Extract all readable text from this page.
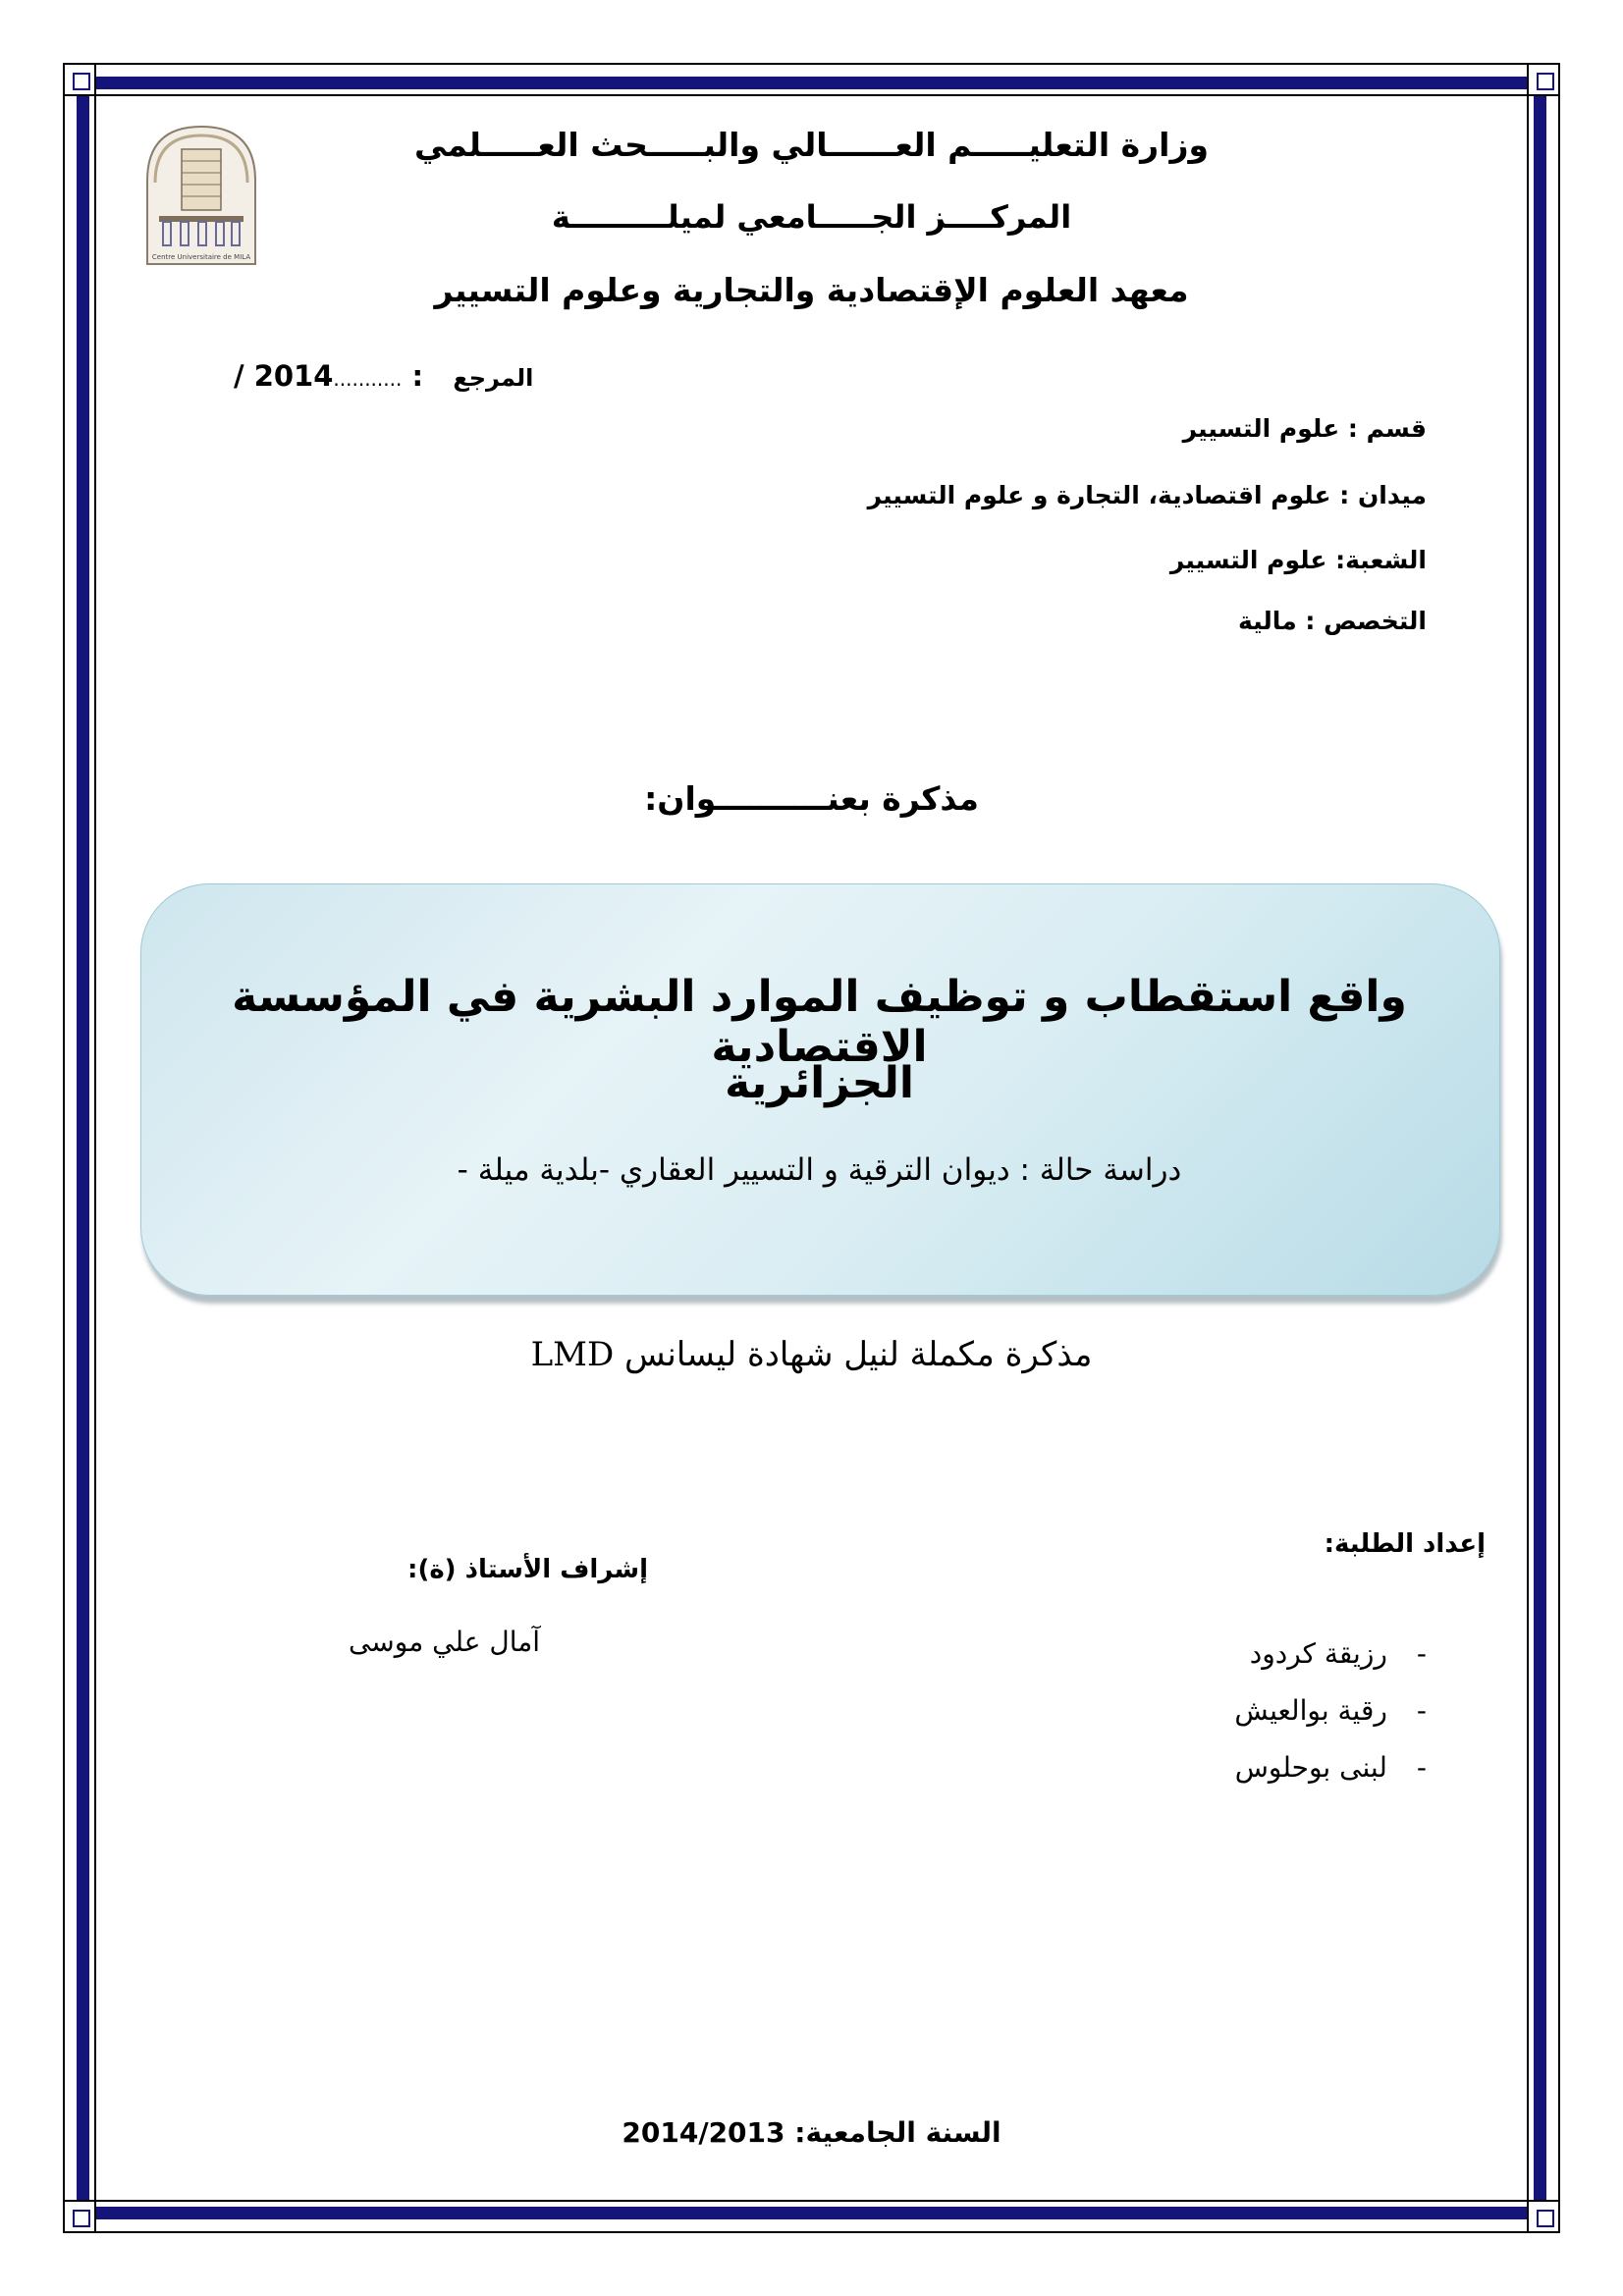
Centre Universitaire de MILA
وزارة التعليـــــم العــــــالي والبـــــحث العـــــلمي
المركــــز الجـــــامعي لميلـــــــــة
معهد العلوم الإقتصادية والتجارية وعلوم التسيير
/ 2014........... : المرجع
قسم : علوم التسيير
ميدان : علوم اقتصادية، التجارة و علوم التسيير
الشعبة: علوم التسيير
التخصص : مالية
مذكرة بعنــــــــــوان:
واقع استقطاب و توظيف الموارد البشرية في المؤسسة الاقتصادية
الجزائرية
دراسة حالة : ديوان الترقية و التسيير العقاري -بلدية ميلة -
مذكرة مكملة لنيل شهادة ليسانس LMD
إعداد الطلبة:
-رزيقة كردود
-رقية بوالعيش
-لبنى بوحلوس
إشراف الأستاذ (ة):
آمال علي موسى
السنة الجامعية: 2014/2013
